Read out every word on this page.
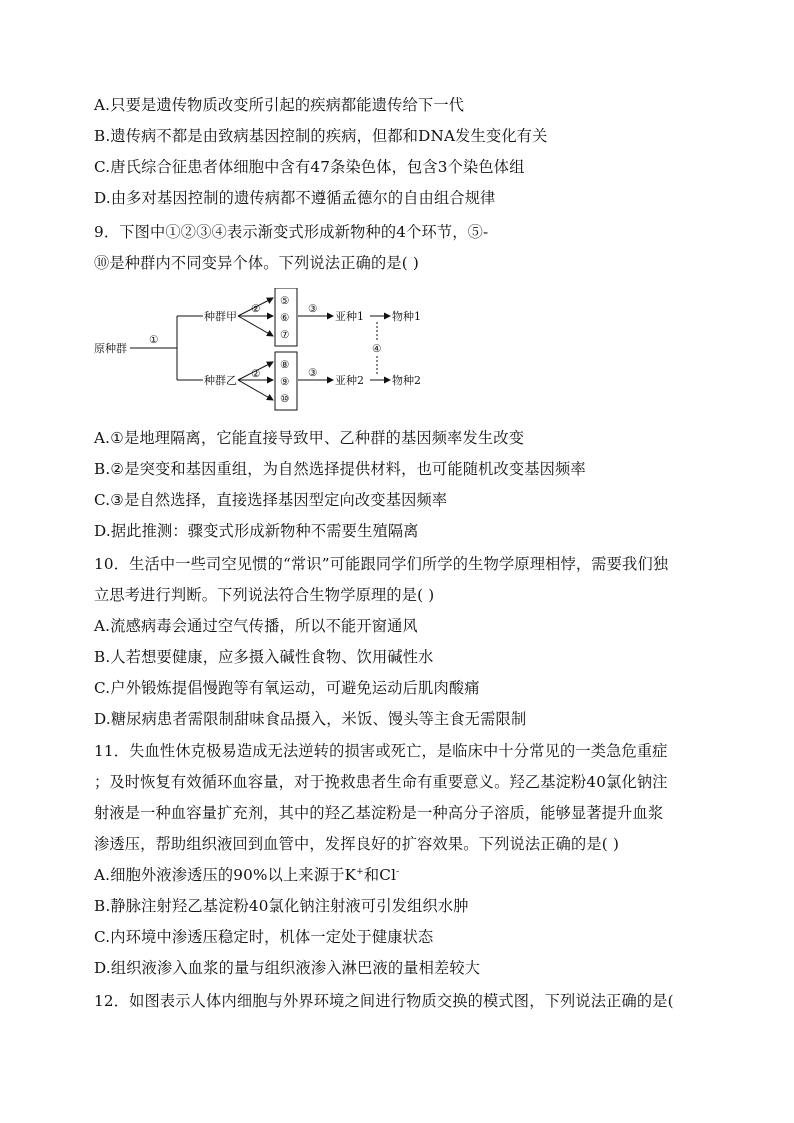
A.只要是遗传物质改变所引起的疾病都能遗传给下一代
B.遗传病不都是由致病基因控制的疾病，但都和DNA发生变化有关
C.唐氏综合征患者体细胞中含有47条染色体，包含3个染色体组
D.由多对基因控制的遗传病都不遵循孟德尔的自由组合规律
9．下图中①②③④表示渐变式形成新物种的4个环节，⑤-
⑩是种群内不同变异个体。下列说法正确的是( )
原种群
①
种群甲
种群乙
②
②
⑤
⑥
⑦
⑧
⑨
⑩
③
③
亚种1
亚种2
④
物种1
物种2
A.①是地理隔离，它能直接导致甲、乙种群的基因频率发生改变
B.②是突变和基因重组，为自然选择提供材料，也可能随机改变基因频率
C.③是自然选择，直接选择基因型定向改变基因频率
D.据此推测：骤变式形成新物种不需要生殖隔离
10．生活中一些司空见惯的“常识”可能跟同学们所学的生物学原理相悖，需要我们独
立思考进行判断。下列说法符合生物学原理的是( )
A.流感病毒会通过空气传播，所以不能开窗通风
B.人若想要健康，应多摄入碱性食物、饮用碱性水
C.户外锻炼提倡慢跑等有氧运动，可避免运动后肌肉酸痛
D.糖尿病患者需限制甜味食品摄入，米饭、馒头等主食无需限制
11．失血性休克极易造成无法逆转的损害或死亡，是临床中十分常见的一类急危重症
；及时恢复有效循环血容量，对于挽救患者生命有重要意义。羟乙基淀粉40氯化钠注
射液是一种血容量扩充剂，其中的羟乙基淀粉是一种高分子溶质，能够显著提升血浆
渗透压，帮助组织液回到血管中，发挥良好的扩容效果。下列说法正确的是( )
A.细胞外液渗透压的90%以上来源于K+和Cl-
B.静脉注射羟乙基淀粉40氯化钠注射液可引发组织水肿
C.内环境中渗透压稳定时，机体一定处于健康状态
D.组织液渗入血浆的量与组织液渗入淋巴液的量相差较大
12．如图表示人体内细胞与外界环境之间进行物质交换的模式图，下列说法正确的是(
